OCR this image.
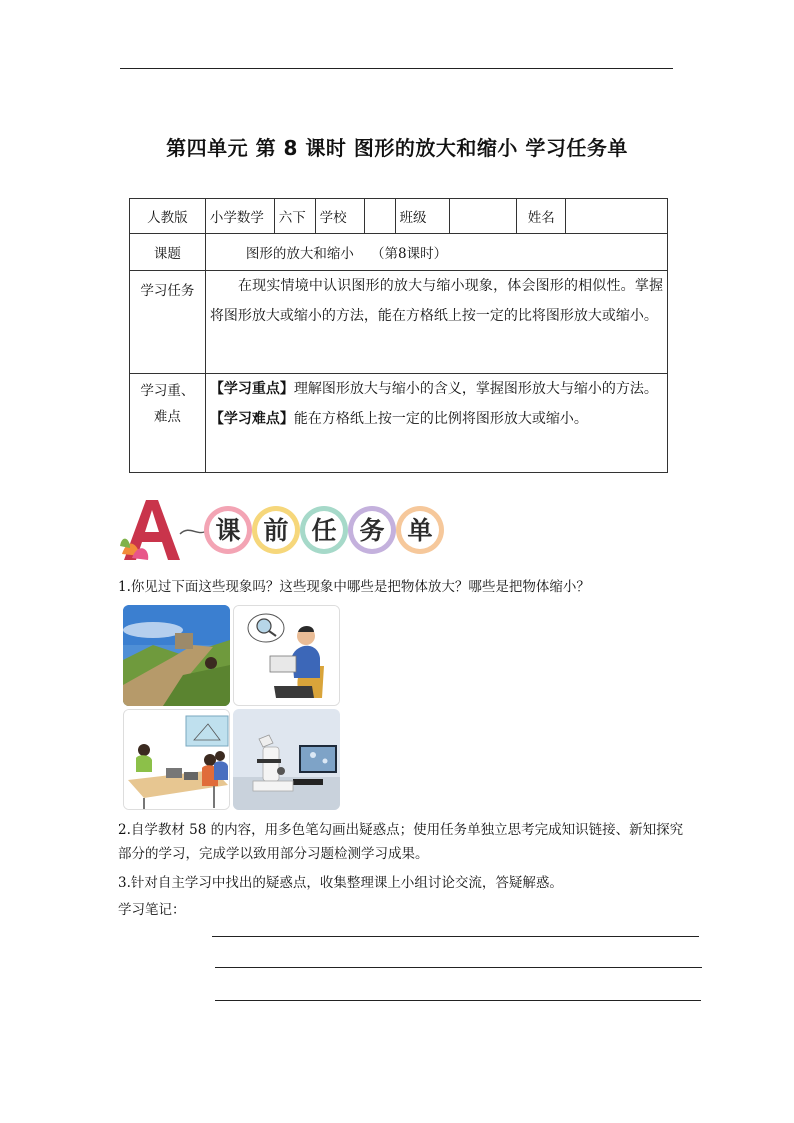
第四单元 第 8 课时 图形的放大和缩小 学习任务单
人教版	小学数学	六下	学校		班级		姓名	
课题	图形的放大和缩小    （第8课时）							
学习任务	在现实情境中认识图形的放大与缩小现象，体会图形的相似性。掌握将图形放大或缩小的方法，能在方格纸上按一定的比将图形放大或缩小。							
学习重、难点	【学习重点】理解图形放大与缩小的含义，掌握图形放大与缩小的方法。
【学习难点】能在方格纸上按一定的比例将图形放大或缩小。							
A
课 前 任 务 单
1.你见过下面这些现象吗？这些现象中哪些是把物体放大？哪些是把物体缩小？
2.自学教材 58 的内容，用多色笔勾画出疑惑点；使用任务单独立思考完成知识链接、新知探究部分的学习，完成学以致用部分习题检测学习成果。
3.针对自主学习中找出的疑惑点，收集整理课上小组讨论交流，答疑解惑。
学习笔记：
